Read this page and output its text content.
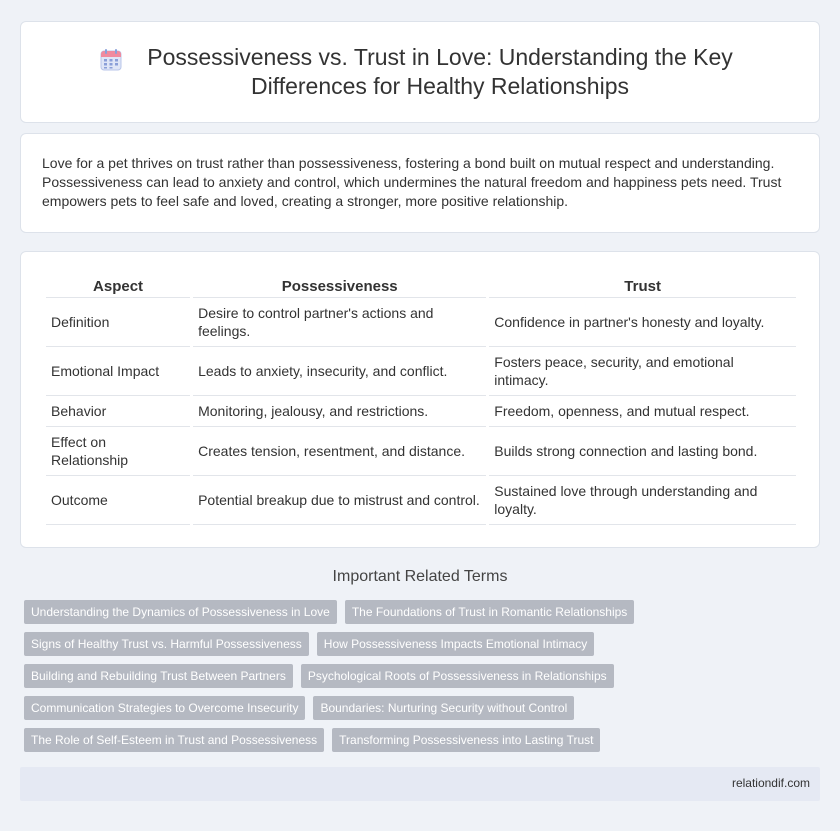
Possessiveness vs. Trust in Love: Understanding the Key Differences for Healthy Relationships

Love for a pet thrives on trust rather than possessiveness, fostering a bond built on mutual respect and understanding. Possessiveness can lead to anxiety and control, which undermines the natural freedom and happiness pets need. Trust empowers pets to feel safe and loved, creating a stronger, more positive relationship.

Aspect	Possessiveness	Trust
Definition	Desire to control partner's actions and feelings.	Confidence in partner's honesty and loyalty.
Emotional Impact	Leads to anxiety, insecurity, and conflict.	Fosters peace, security, and emotional intimacy.
Behavior	Monitoring, jealousy, and restrictions.	Freedom, openness, and mutual respect.
Effect on Relationship	Creates tension, resentment, and distance.	Builds strong connection and lasting bond.
Outcome	Potential breakup due to mistrust and control.	Sustained love through understanding and loyalty.
Important Related Terms
Understanding the Dynamics of Possessiveness in Love	The Foundations of Trust in Romantic Relationships
Signs of Healthy Trust vs. Harmful Possessiveness	How Possessiveness Impacts Emotional Intimacy
Building and Rebuilding Trust Between Partners	Psychological Roots of Possessiveness in Relationships
Communication Strategies to Overcome Insecurity	Boundaries: Nurturing Security without Control
The Role of Self-Esteem in Trust and Possessiveness	Transforming Possessiveness into Lasting Trust
relationdif.com
